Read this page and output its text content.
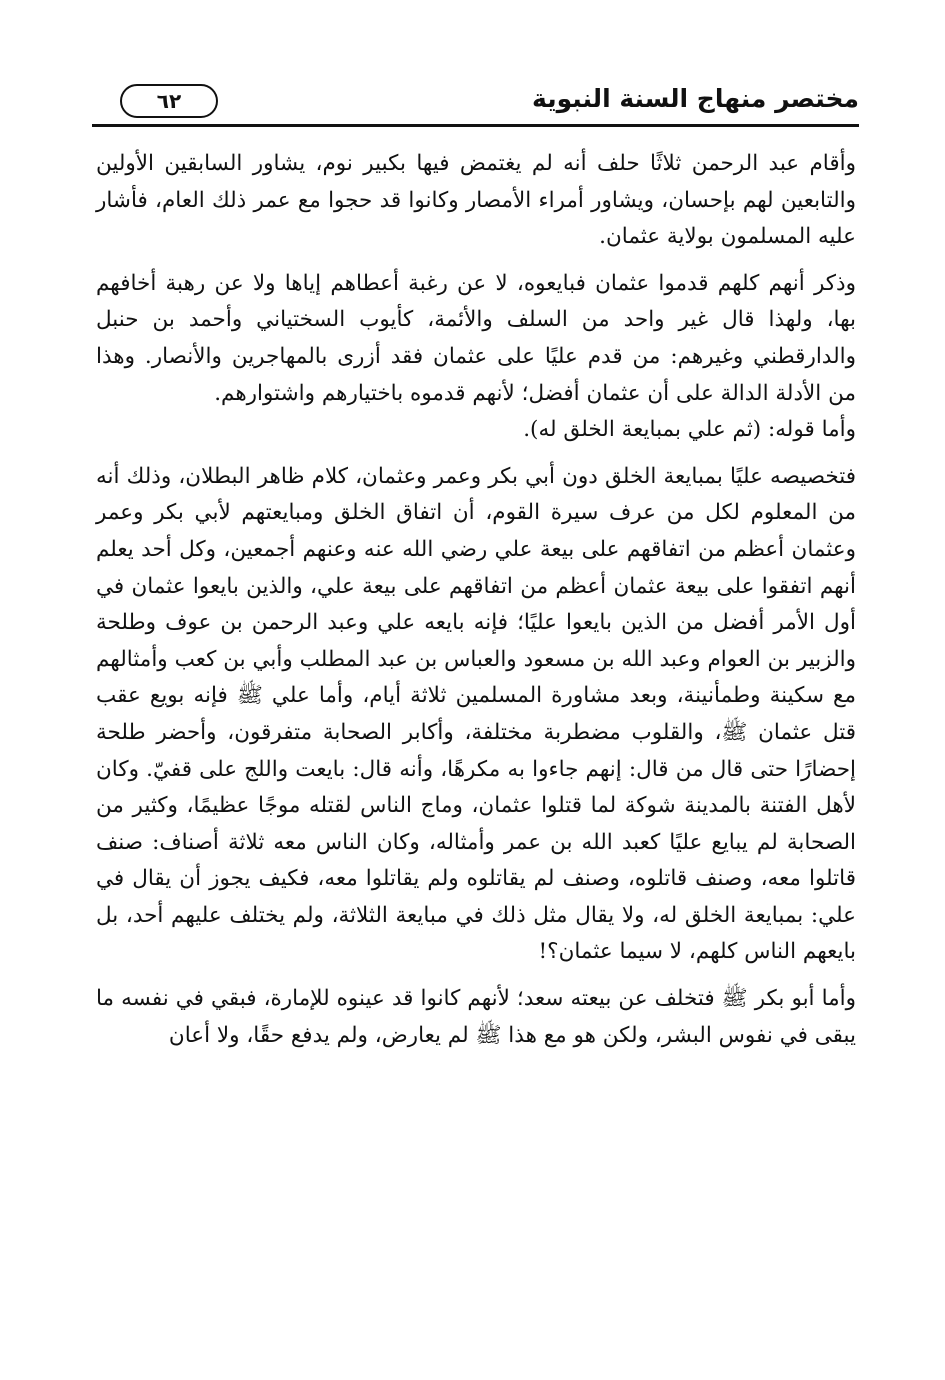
مختصر منهاج السنة النبوية
٦٢

وأقام عبد الرحمن ثلاثًا حلف أنه لم يغتمض فيها بكبير نوم، يشاور السابقين الأولين والتابعين لهم بإحسان، ويشاور أمراء الأمصار وكانوا قد حجوا مع عمر ذلك العام، فأشار عليه المسلمون بولاية عثمان.

وذكر أنهم كلهم قدموا عثمان فبايعوه، لا عن رغبة أعطاهم إياها ولا عن رهبة أخافهم بها، ولهذا قال غير واحد من السلف والأئمة، كأيوب السختياني وأحمد بن حنبل والدارقطني وغيرهم: من قدم عليًا على عثمان فقد أزرى بالمهاجرين والأنصار. وهذا من الأدلة الدالة على أن عثمان أفضل؛ لأنهم قدموه باختيارهم واشتوارهم.

وأما قوله: (ثم علي بمبايعة الخلق له).

فتخصيصه عليًا بمبايعة الخلق دون أبي بكر وعمر وعثمان، كلام ظاهر البطلان، وذلك أنه من المعلوم لكل من عرف سيرة القوم، أن اتفاق الخلق ومبايعتهم لأبي بكر وعمر وعثمان أعظم من اتفاقهم على بيعة علي رضي الله عنه وعنهم أجمعين، وكل أحد يعلم أنهم اتفقوا على بيعة عثمان أعظم من اتفاقهم على بيعة علي، والذين بايعوا عثمان في أول الأمر أفضل من الذين بايعوا عليًا؛ فإنه بايعه علي وعبد الرحمن بن عوف وطلحة والزبير بن العوام وعبد الله بن مسعود والعباس بن عبد المطلب وأبي بن كعب وأمثالهم مع سكينة وطمأنينة، وبعد مشاورة المسلمين ثلاثة أيام، وأما علي ﷺ فإنه بويع عقب قتل عثمان ﷺ، والقلوب مضطربة مختلفة، وأكابر الصحابة متفرقون، وأحضر طلحة إحضارًا حتى قال من قال: إنهم جاءوا به مكرهًا، وأنه قال: بايعت واللج على قفيّ. وكان لأهل الفتنة بالمدينة شوكة لما قتلوا عثمان، وماج الناس لقتله موجًا عظيمًا، وكثير من الصحابة لم يبايع عليًا كعبد الله بن عمر وأمثاله، وكان الناس معه ثلاثة أصناف: صنف قاتلوا معه، وصنف قاتلوه، وصنف لم يقاتلوه ولم يقاتلوا معه، فكيف يجوز أن يقال في علي: بمبايعة الخلق له، ولا يقال مثل ذلك في مبايعة الثلاثة، ولم يختلف عليهم أحد، بل بايعهم الناس كلهم، لا سيما عثمان؟!

وأما أبو بكر ﷺ فتخلف عن بيعته سعد؛ لأنهم كانوا قد عينوه للإمارة، فبقي في نفسه ما يبقى في نفوس البشر، ولكن هو مع هذا ﷺ لم يعارض، ولم يدفع حقًا، ولا أعان
